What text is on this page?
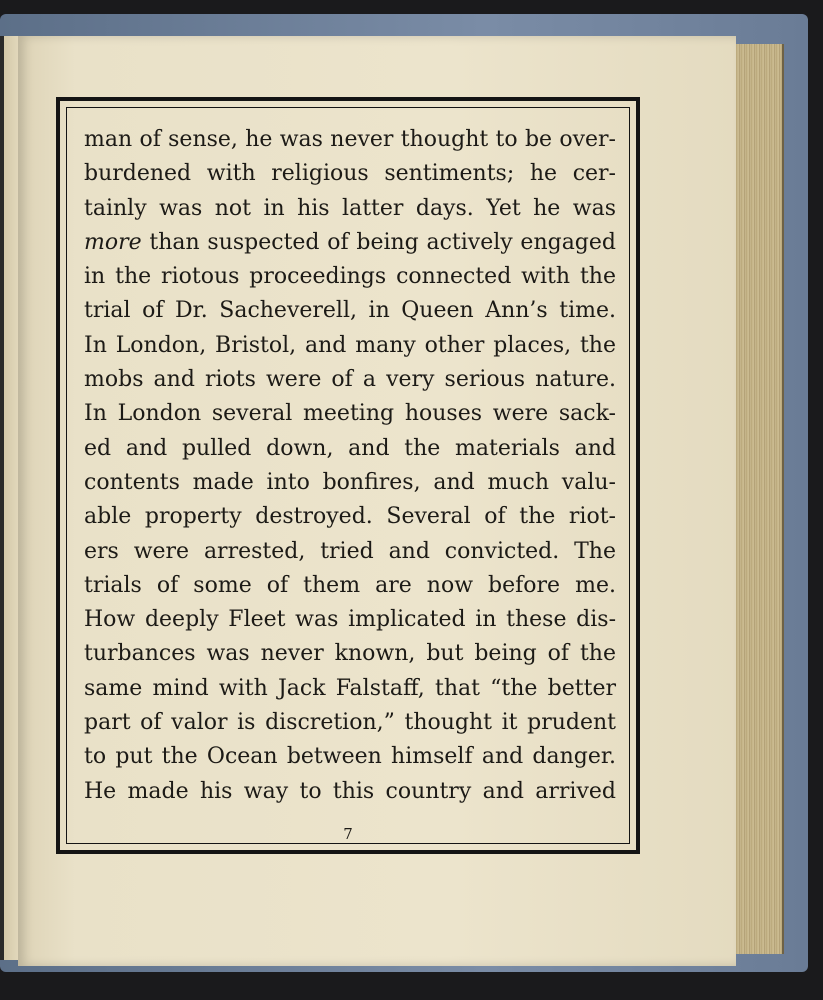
man of sense, he was never thought to be over-
burdened with religious sentiments; he cer-
tainly was not in his latter days. Yet he was
more than suspected of being actively engaged
in the riotous proceedings connected with the
trial of Dr. Sacheverell, in Queen Ann’s time.
In London, Bristol, and many other places, the
mobs and riots were of a very serious nature.
In London several meeting houses were sack-
ed and pulled down, and the materials and
contents made into bonfires, and much valu-
able property destroyed. Several of the riot-
ers were arrested, tried and convicted. The
trials of some of them are now before me.
How deeply Fleet was implicated in these dis-
turbances was never known, but being of the
same mind with Jack Falstaff, that “the better
part of valor is discretion,” thought it prudent
to put the Ocean between himself and danger.
He made his way to this country and arrived
7
